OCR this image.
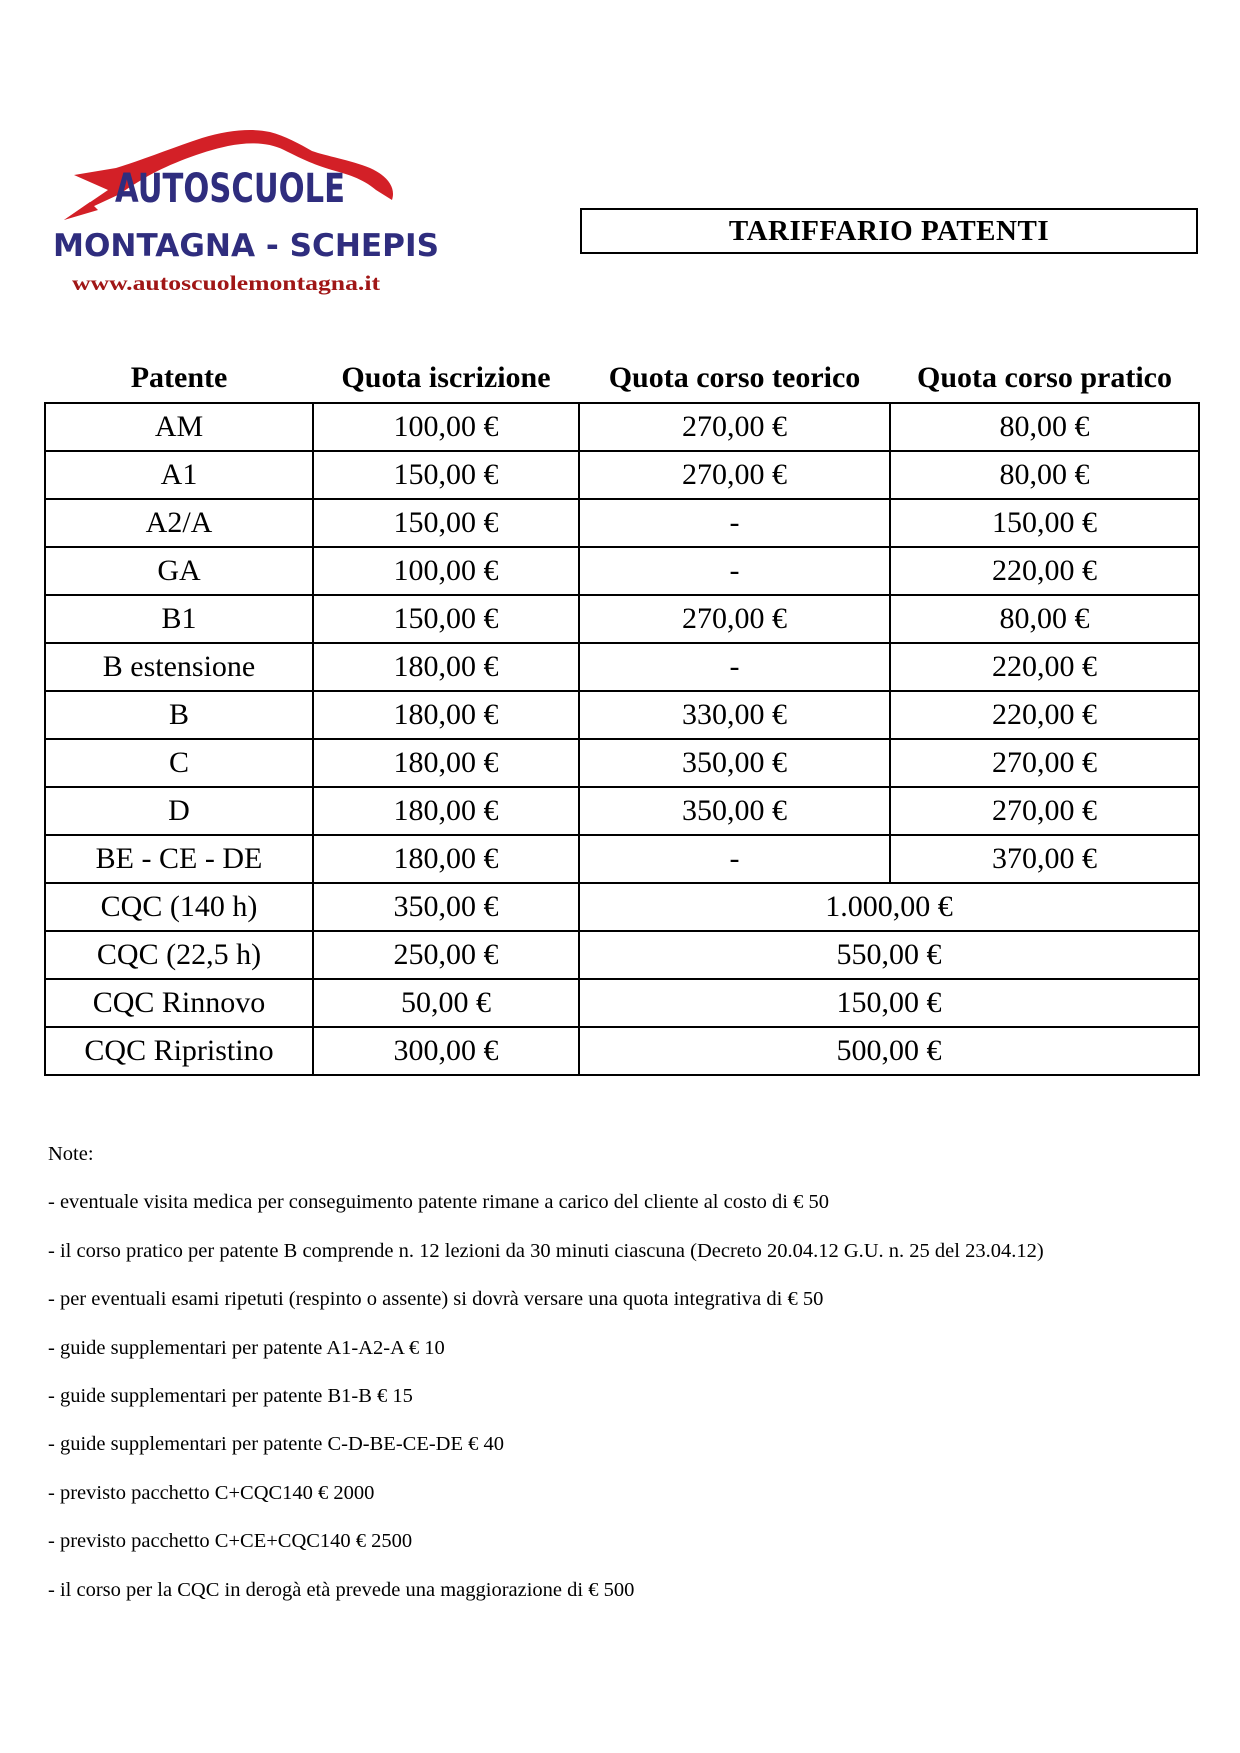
AUTOSCUOLE
MONTAGNA - SCHEPIS
www.autoscuolemontagna.it
TARIFFARIO PATENTI
Patente	Quota iscrizione	Quota corso teorico	Quota corso pratico
AM	100,00 €	270,00 €	80,00 €
A1	150,00 €	270,00 €	80,00 €
A2/A	150,00 €	-	150,00 €
GA	100,00 €	-	220,00 €
B1	150,00 €	270,00 €	80,00 €
B estensione	180,00 €	-	220,00 €
B	180,00 €	330,00 €	220,00 €
C	180,00 €	350,00 €	270,00 €
D	180,00 €	350,00 €	270,00 €
BE - CE - DE	180,00 €	-	370,00 €
CQC (140 h)	350,00 €	1.000,00 €	
CQC (22,5 h)	250,00 €	550,00 €	
CQC Rinnovo	50,00 €	150,00 €	
CQC Ripristino	300,00 €	500,00 €	
Note:
- eventuale visita medica per conseguimento patente rimane a carico del cliente al costo di € 50
- il corso pratico per patente B comprende n. 12 lezioni da 30 minuti ciascuna (Decreto 20.04.12 G.U. n. 25 del 23.04.12)
- per eventuali esami ripetuti (respinto o assente) si dovrà versare una quota integrativa di € 50
- guide supplementari per patente A1-A2-A € 10
- guide supplementari per patente B1-B € 15
- guide supplementari per patente C-D-BE-CE-DE € 40
- previsto pacchetto C+CQC140 € 2000
- previsto pacchetto C+CE+CQC140 € 2500
- il corso per la CQC in derogà età prevede una maggiorazione di € 500
